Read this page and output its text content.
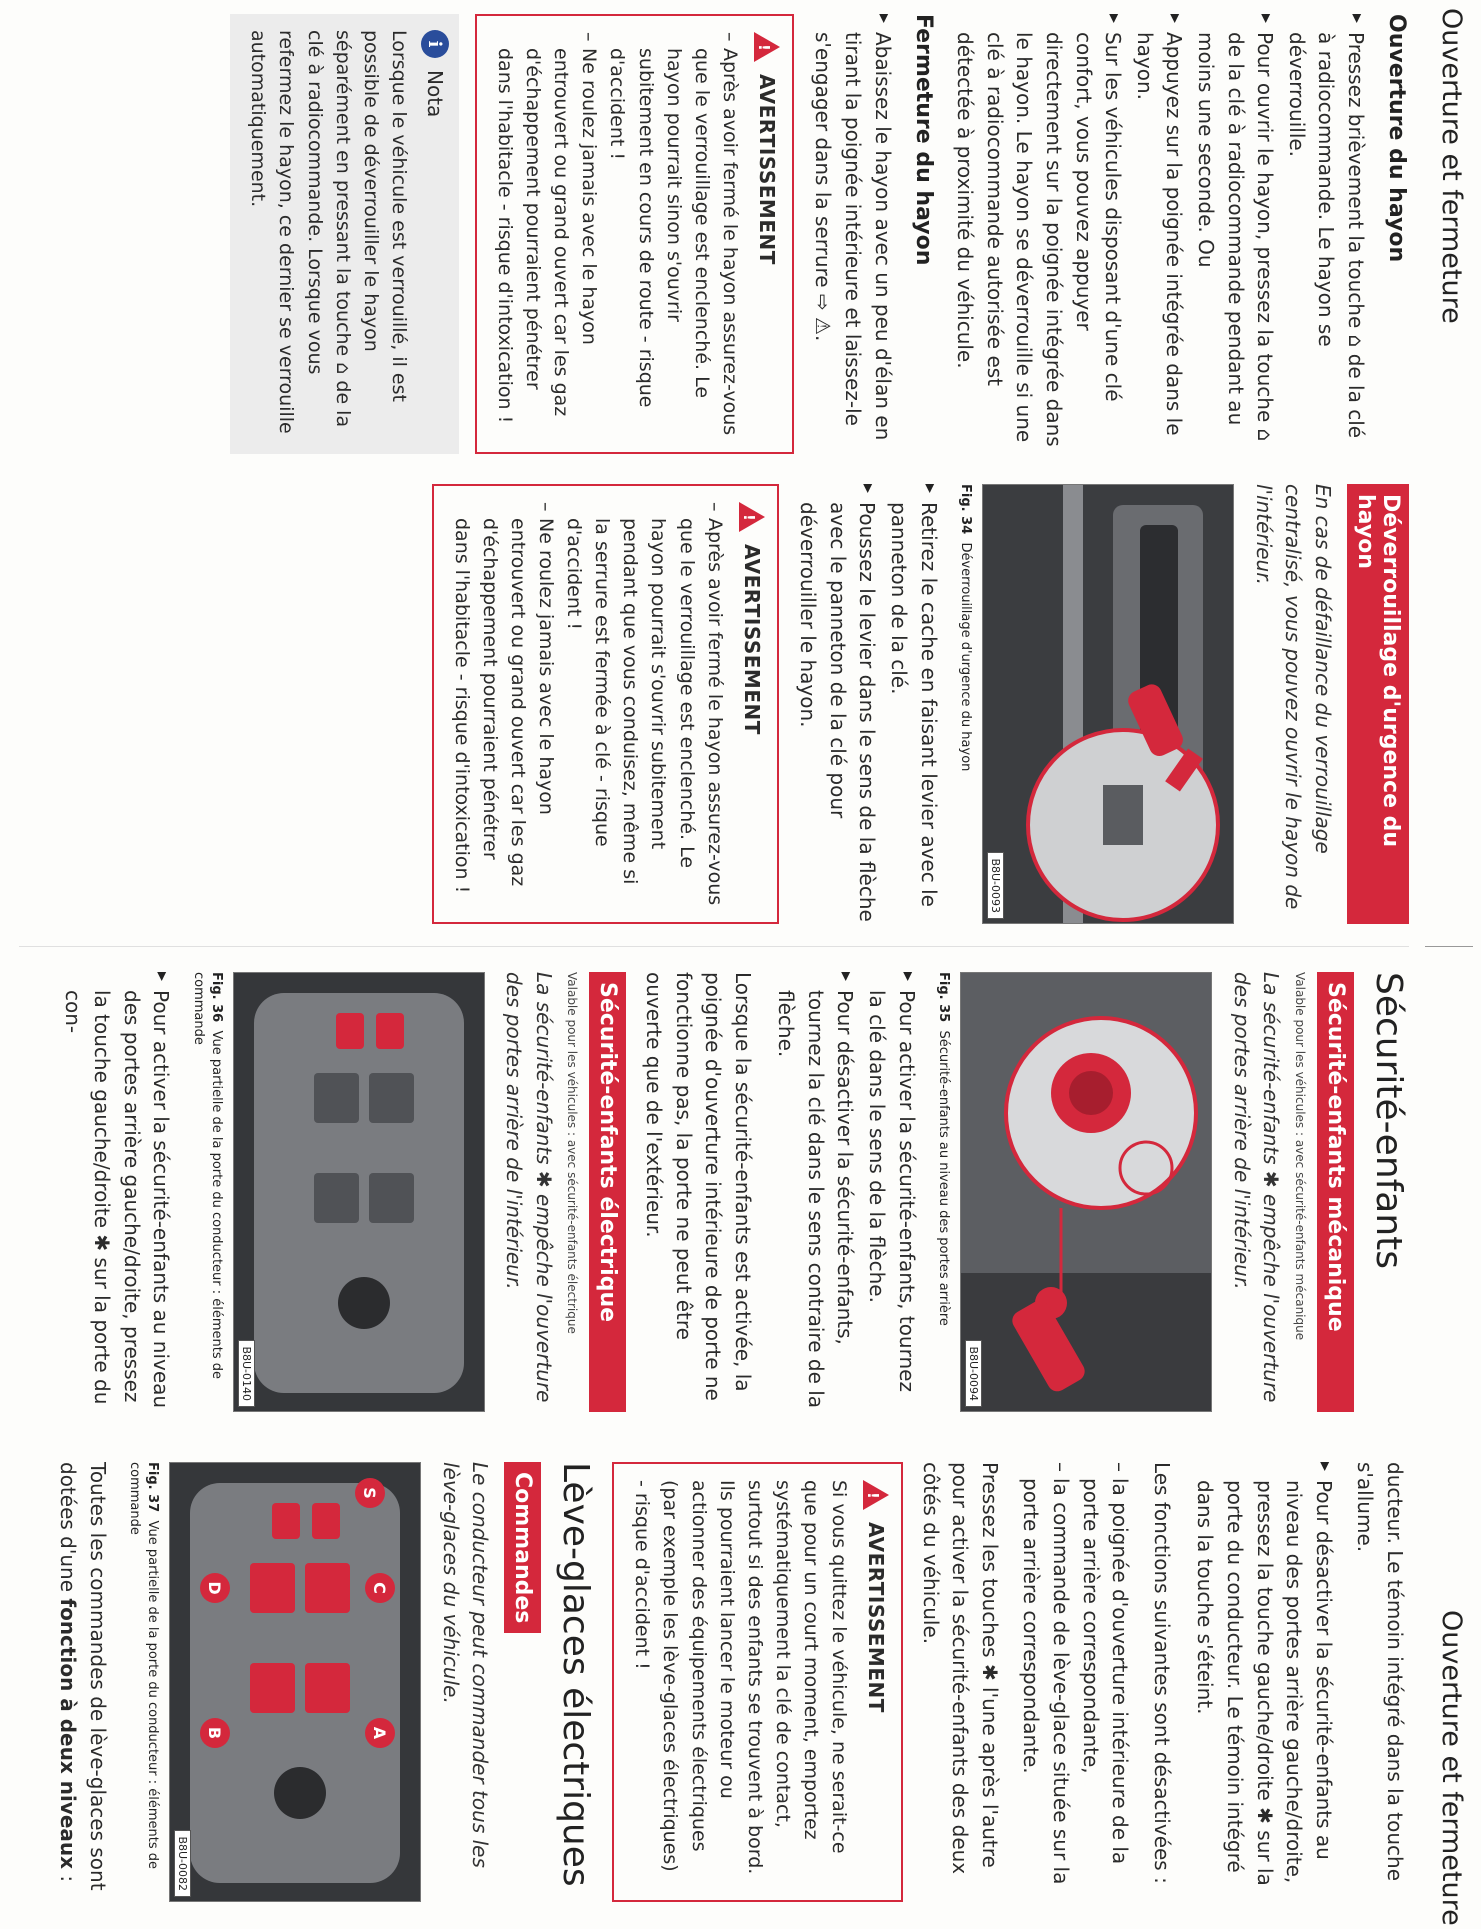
Ouverture et fermeture
Ouverture et fermeture
Ouverture du hayon
▸ Pressez brièvement la touche ⌂ de la clé à radiocommande. Le hayon se déverrouille.
▸ Pour ouvrir le hayon, pressez la touche ⌂ de la clé à radiocommande pendant au moins une seconde. Ou
▸ Appuyez sur la poignée intégrée dans le hayon.
▸ Sur les véhicules disposant d'une clé confort, vous pouvez appuyer directement sur la poignée intégrée dans le hayon. Le hayon se déverrouille si une clé à radiocommande autorisée est détectée à proximité du véhicule.
Fermeture du hayon
▸ Abaissez le hayon avec un peu d'élan en tirant la poignée intérieure et laissez-le s'engager dans la serrure ⇨ ⚠.
!
AVERTISSEMENT
– Après avoir fermé le hayon assurez-vous que le verrouillage est enclenché. Le hayon pourrait sinon s'ouvrir subitement en cours de route - risque d'accident !
– Ne roulez jamais avec le hayon entrouvert ou grand ouvert car les gaz d'échappement pourraient pénétrer dans l'habitacle - risque d'intoxication !
i
Nota

Lorsque le véhicule est verrouillé, il est possible de déverrouiller le hayon séparément en pressant la touche ⌂ de la clé à radiocommande. Lorsque vous refermez le hayon, ce dernier se verrouille automatiquement.

Déverrouillage d'urgence du hayon

En cas de défaillance du verrouillage centralisé, vous pouvez ouvrir le hayon de l'intérieur.

B8U-0093

Fig. 34  Déverrouillage d'urgence du hayon

▸ Retirez le cache en faisant levier avec le panneton de la clé.
▸ Poussez le levier dans le sens de la flèche avec le panneton de la clé pour déverrouiller le hayon.
!
AVERTISSEMENT
– Après avoir fermé le hayon assurez-vous que le verrouillage est enclenché. Le hayon pourrait s'ouvrir subitement pendant que vous conduisez, même si la serrure est fermée à clé - risque d'accident !
– Ne roulez jamais avec le hayon entrouvert ou grand ouvert car les gaz d'échappement pourraient pénétrer dans l'habitacle - risque d'intoxication !
Sécurité-enfants
Sécurité-enfants mécanique

Valable pour les véhicules : avec sécurité-enfants mécanique

La sécurité-enfants ✱ empêche l'ouverture des portes arrière de l'intérieur.

B8U-0094

Fig. 35  Sécurité-enfants au niveau des portes arrière

▸ Pour activer la sécurité-enfants, tournez la clé dans le sens de la flèche.
▸ Pour désactiver la sécurité-enfants, tournez la clé dans le sens contraire de la flèche.

Lorsque la sécurité-enfants est activée, la poignée d'ouverture intérieure de porte ne fonctionne pas, la porte ne peut être ouverte que de l'extérieur.

Sécurité-enfants électrique

Valable pour les véhicules : avec sécurité-enfants électrique

La sécurité-enfants ✱ empêche l'ouverture des portes arrière de l'intérieur.

B8U-0140

Fig. 36  Vue partielle de la porte du conducteur : éléments de commande

▸ Pour activer la sécurité-enfants au niveau des portes arrière gauche/droite, pressez la touche gauche/droite ✱ sur la porte du con-

ducteur. Le témoin intégré dans la touche s'allume.

▸ Pour désactiver la sécurité-enfants au niveau des portes arrière gauche/droite, pressez la touche gauche/droite ✱ sur la porte du conducteur. Le témoin intégré dans la touche s'éteint.

Les fonctions suivantes sont désactivées :

– la poignée d'ouverture intérieure de la porte arrière correspondante,
– la commande de lève-glace située sur la porte arrière correspondante.

Pressez les touches ✱ l'une après l'autre pour activer la sécurité-enfants des deux côtés du véhicule.

!
AVERTISSEMENT

Si vous quittez le véhicule, ne serait-ce que pour un court moment, emportez systématiquement la clé de contact, surtout si des enfants se trouvent à bord. Ils pourraient lancer le moteur ou actionner des équipements électriques (par exemple les lève-glaces électriques) - risque d'accident !

Lève-glaces électriques
Commandes

Le conducteur peut commander tous les lève-glaces du véhicule.

S
C
A
D
B
B8U-0082

Fig. 37  Vue partielle de la porte du conducteur : éléments de commande

Toutes les commandes de lève-glaces sont dotées d'une fonction à deux niveaux :
